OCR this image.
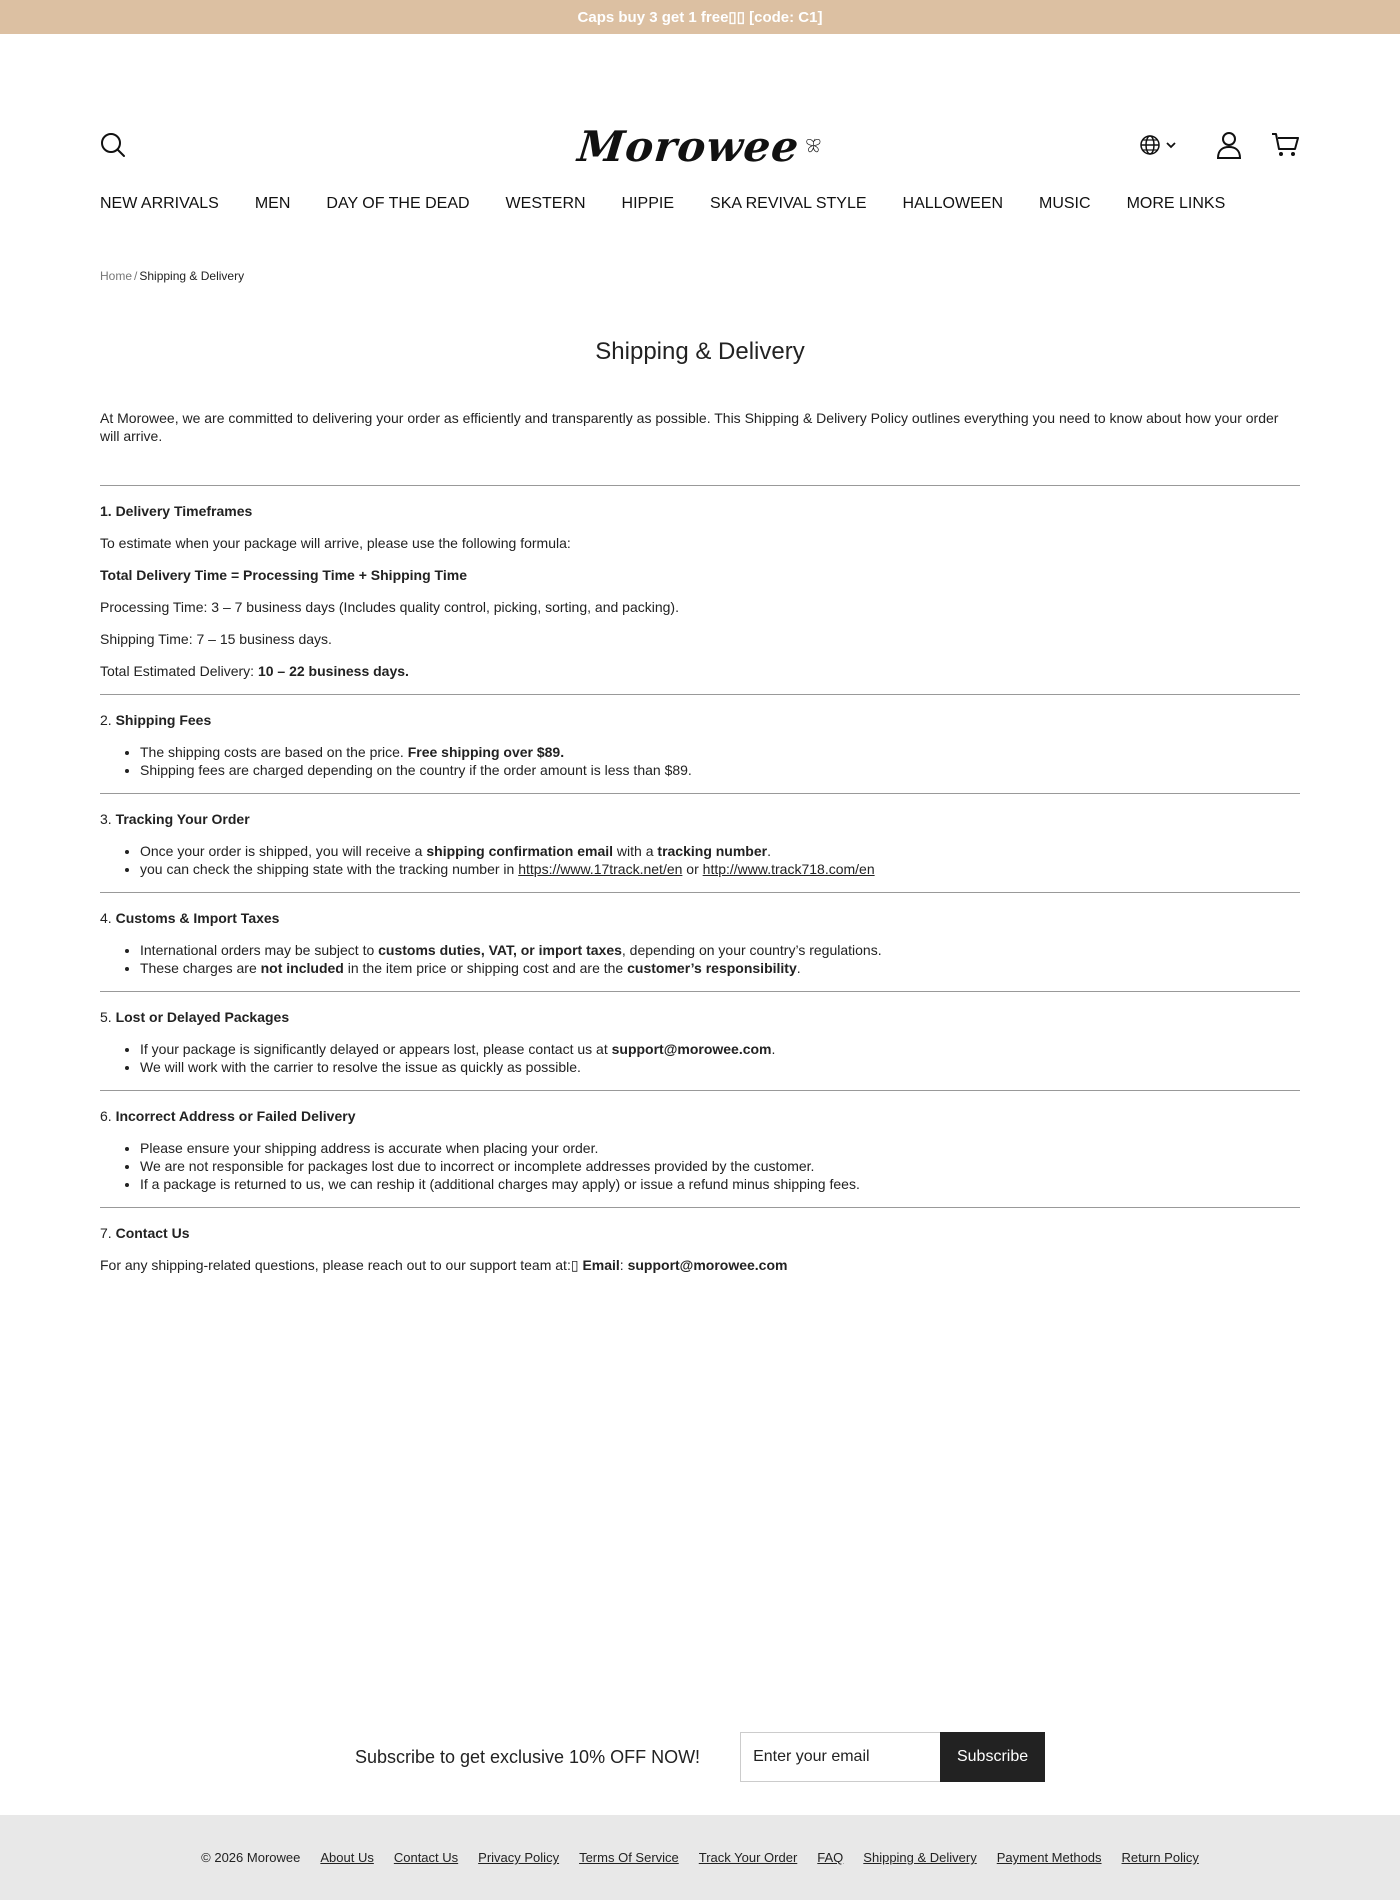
Caps buy 3 get 1 free▯▯ [code: C1]
Morowee
NEW ARRIVALS MEN DAY OF THE DEAD WESTERN HIPPIE SKA REVIVAL STYLE HALLOWEEN MUSIC MORE LINKS
Home / Shipping & Delivery
Shipping & Delivery

At Morowee, we are committed to delivering your order as efficiently and transparently as possible. This Shipping & Delivery Policy outlines everything you need to know about how your order will arrive.

1. Delivery Timeframes

To estimate when your package will arrive, please use the following formula:

Total Delivery Time = Processing Time + Shipping Time

Processing Time: 3 – 7 business days (Includes quality control, picking, sorting, and packing).

Shipping Time: 7 – 15 business days.

Total Estimated Delivery: 10 – 22 business days.

2. Shipping Fees

• The shipping costs are based on the price. Free shipping over $89.
• Shipping fees are charged depending on the country if the order amount is less than $89.

3. Tracking Your Order

• Once your order is shipped, you will receive a shipping confirmation email with a tracking number.
• you can check the shipping state with the tracking number in https://www.17track.net/en or http://www.track718.com/en

4. Customs & Import Taxes

• International orders may be subject to customs duties, VAT, or import taxes, depending on your country’s regulations.
• These charges are not included in the item price or shipping cost and are the customer’s responsibility.

5. Lost or Delayed Packages

• If your package is significantly delayed or appears lost, please contact us at support@morowee.com.
• We will work with the carrier to resolve the issue as quickly as possible.

6. Incorrect Address or Failed Delivery

• Please ensure your shipping address is accurate when placing your order.
• We are not responsible for packages lost due to incorrect or incomplete addresses provided by the customer.
• If a package is returned to us, we can reship it (additional charges may apply) or issue a refund minus shipping fees.

7. Contact Us

For any shipping-related questions, please reach out to our support team at:▯ Email: support@morowee.com

Subscribe to get exclusive 10% OFF NOW!
Enter your email	Subscribe
© 2026 Morowee About Us Contact Us Privacy Policy Terms Of Service Track Your Order FAQ Shipping & Delivery Payment Methods Return Policy
